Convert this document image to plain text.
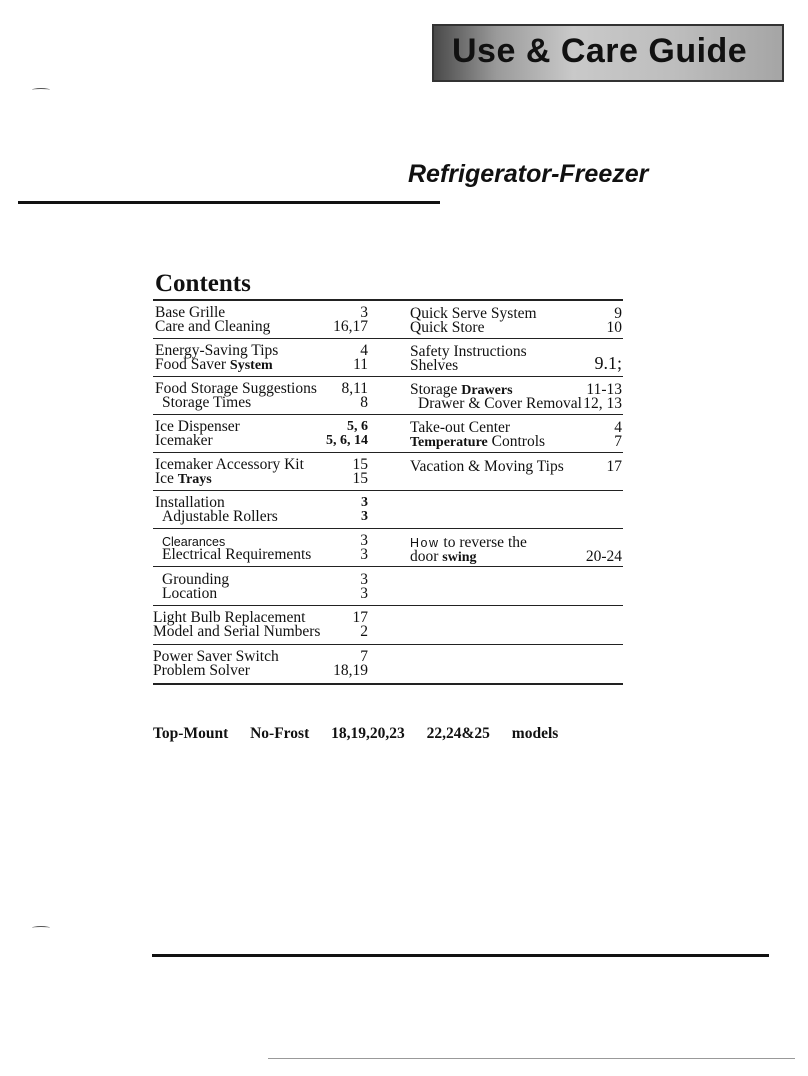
Use & Care Guide
Refrigerator-Freezer
Contents
Base Grille	3
Care and Cleaning	16,17
Energy-Saving Tips	4
Food Saver System	11
Food Storage Suggestions	8,11
Storage Times	8
Ice Dispenser	5, 6
Icemaker	5, 6, 14
Icemaker Accessory Kit	15
Ice Trays	15
Installation	3
Adjustable Rollers	3
Clearances	3
Electrical Requirements	3
Grounding	3
Location	3
Light Bulb Replacement	17
Model and Serial Numbers	2
Power Saver Switch	7
Problem Solver	18,19
Quick Serve System	9
Quick Store	10
Safety Instructions
Shelves	9.1;
Storage Drawers	11-13
Drawer & Cover Removal 12, 13
Take-out Center	4
Temperature Controls	7
Vacation & Moving Tips	17
How to reverse the
door swing	20-24
Top-Mount No-Frost 18,19,20,23 22,24&25 models
